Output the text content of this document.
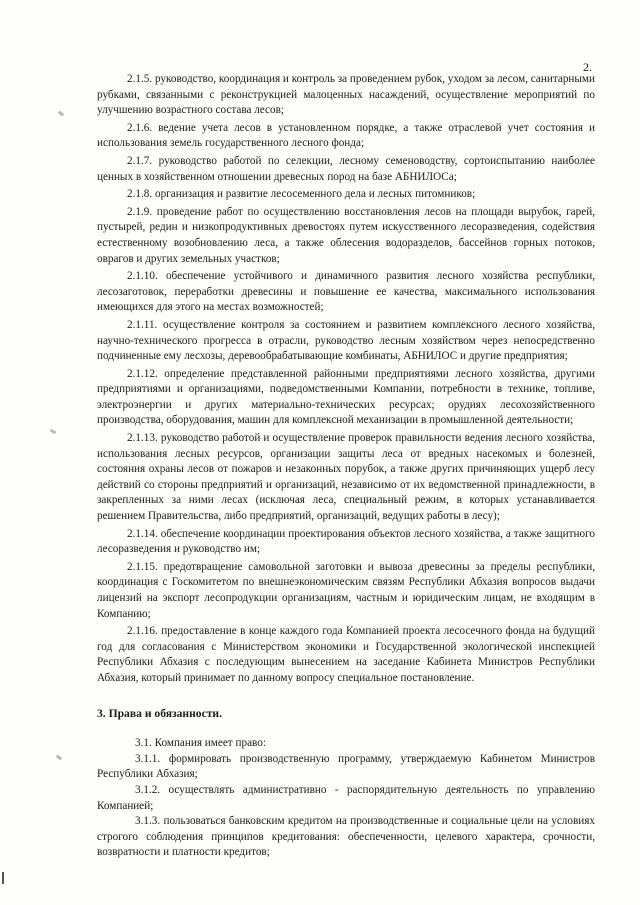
2.

2.1.5. руководство, координация и контроль за проведением рубок, уходом за лесом, санитарными рубками, связанными с реконструкцией малоценных насаждений, осуществление мероприятий по улучшению возрастного состава лесов;

2.1.6. ведение учета лесов в установленном порядке, а также отраслевой учет состояния и использования земель государственного лесного фонда;

2.1.7. руководство работой по селекции, лесному семеноводству, сортоиспытанию наиболее ценных в хозяйственном отношении древесных пород на базе АБНИЛОСа;

2.1.8. организация и развитие лесосеменного дела и лесных питомников;

2.1.9. проведение работ по осуществлению восстановления лесов на площади вырубок, гарей, пустырей, редин и низкопродуктивных древостоях путем искусственного лесоразведения, содействия естественному возобновлению леса, а также облесения водоразделов, бассейнов горных потоков, оврагов и других земельных участков;

2.1.10. обеспечение устойчивого и динамичного развития лесного хозяйства республики, лесозаготовок, переработки древесины и повышение ее качества, максимального использования имеющихся для этого на местах возможностей;

2.1.11. осуществление контроля за состоянием и развитием комплексного лесного хозяйства, научно-технического прогресса в отрасли, руководство лесным хозяйством через непосредственно подчиненные ему лесхозы, деревообрабатывающие комбинаты, АБНИЛОС и другие предприятия;

2.1.12. определение представленной районными предприятиями лесного хозяйства, другими предприятиями и организациями, подведомственными Компании, потребности в технике, топливе, электроэнергии и других материально-технических ресурсах; орудиях лесохозяйственного производства, оборудования, машин для комплексной механизации в промышленной деятельности;

2.1.13. руководство работой и осуществление проверок правильности ведения лесного хозяйства, использования лесных ресурсов, организации защиты леса от вредных насекомых и болезней, состояния охраны лесов от пожаров и незаконных порубок, а также других причиняющих ущерб лесу действий со стороны предприятий и организаций, независимо от их ведомственной принадлежности, в закрепленных за ними лесах (исключая леса, специальный режим, в которых устанавливается решением Правительства, либо предприятий, организаций, ведущих работы в лесу);

2.1.14. обеспечение координации проектирования объектов лесного хозяйства, а также защитного лесоразведения и руководство им;

2.1.15. предотвращение самовольной заготовки и вывоза древесины за пределы республики, координация с Госкомитетом по внешнеэкономическим связям Республики Абхазия вопросов выдачи лицензий на экспорт лесопродукции организациям, частным и юридическим лицам, не входящим в Компанию;

2.1.16. предоставление в конце каждого года Компанией проекта лесосечного фонда на будущий год для согласования с Министерством экономики и Государственной экологической инспекцией Республики Абхазия с последующим вынесением на заседание Кабинета Министров Республики Абхазия, который принимает по данному вопросу специальное постановление.

3. Права и обязанности.

3.1. Компания имеет право:

3.1.1. формировать производственную программу, утверждаемую Кабинетом Министров Республики Абхазия;

3.1.2. осуществлять административно - распорядительную деятельность по управлению Компанией;

3.1.3. пользоваться банковским кредитом на производственные и социальные цели на условиях строгого соблюдения принципов кредитования: обеспеченности, целевого характера, срочности, возвратности и платности кредитов;
